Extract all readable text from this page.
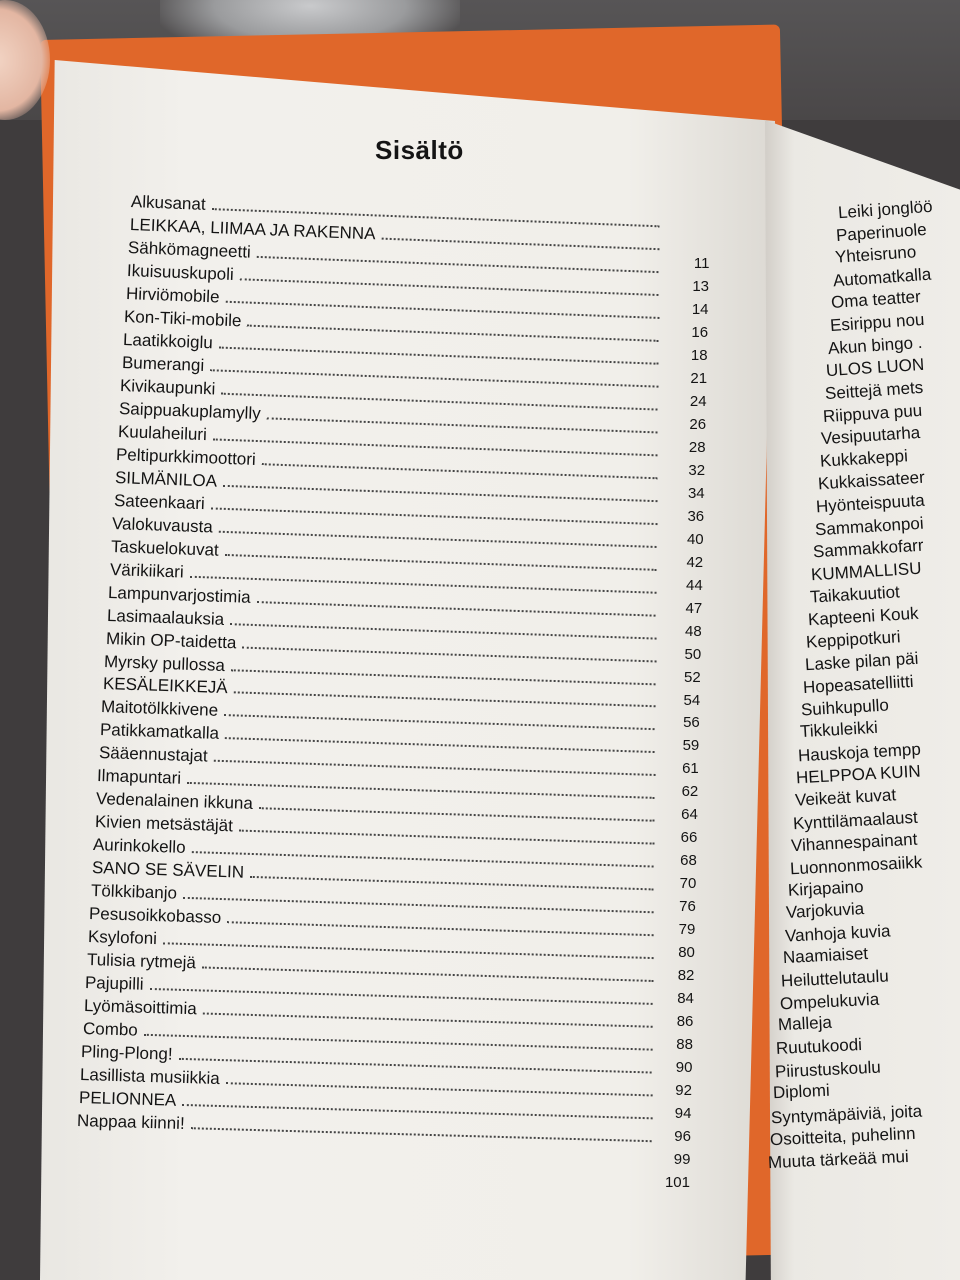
Sisältö
Alkusanat
LEIKKAA, LIIMAA JA RAKENNA
11
Sähkömagneetti
13
Ikuisuuskupoli
14
Hirviömobile
16
Kon-Tiki-mobile
18
Laatikkoiglu
21
Bumerangi
24
Kivikaupunki
26
Saippuakuplamylly
28
Kuulaheiluri
32
Peltipurkkimoottori
34
SILMÄNILOA
36
Sateenkaari
40
Valokuvausta
42
Taskuelokuvat
44
Värikiikari
47
Lampunvarjostimia
48
Lasimaalauksia
50
Mikin OP-taidetta
52
Myrsky pullossa
54
KESÄLEIKKEJÄ
56
Maitotölkkivene
59
Patikkamatkalla
61
Sääennustajat
62
Ilmapuntari
64
Vedenalainen ikkuna
66
Kivien metsästäjät
68
Aurinkokello
70
SANO SE SÄVELIN
76
Tölkkibanjo
79
Pesusoikkobasso
80
Ksylofoni
82
Tulisia rytmejä
84
Pajupilli
86
Lyömäsoittimia
88
Combo
90
Pling-Plong!
92
Lasillista musiikkia
94
PELIONNEA
96
Nappaa kiinni!
99
101
Leiki jonglöö
Paperinuole
Yhteisruno
Automatkalla
Oma teatter
Esirippu nou
Akun bingo .
ULOS LUON
Seittejä mets
Riippuva puu
Vesipuutarha
Kukkakeppi
Kukkaissateer
Hyönteispuuta
Sammakonpoi
Sammakkofarr
KUMMALLISU
Taikakuutiot
Kapteeni Kouk
Keppipotkuri
Laske pilan päi
Hopeasatelliitti
Suihkupullo
Tikkuleikki
Hauskoja tempp
HELPPOA KUIN
Veikeät kuvat
Kynttilämaalaust
Vihannespainant
Luonnonmosaiikk
Kirjapaino
Varjokuvia
Vanhoja kuvia
Naamiaiset
Heiluttelutaulu
Ompelukuvia
Malleja
Ruutukoodi
Piirustuskoulu
Diplomi
Syntymäpäiviä, joita
Osoitteita, puhelinn
Muuta tärkeää mui
